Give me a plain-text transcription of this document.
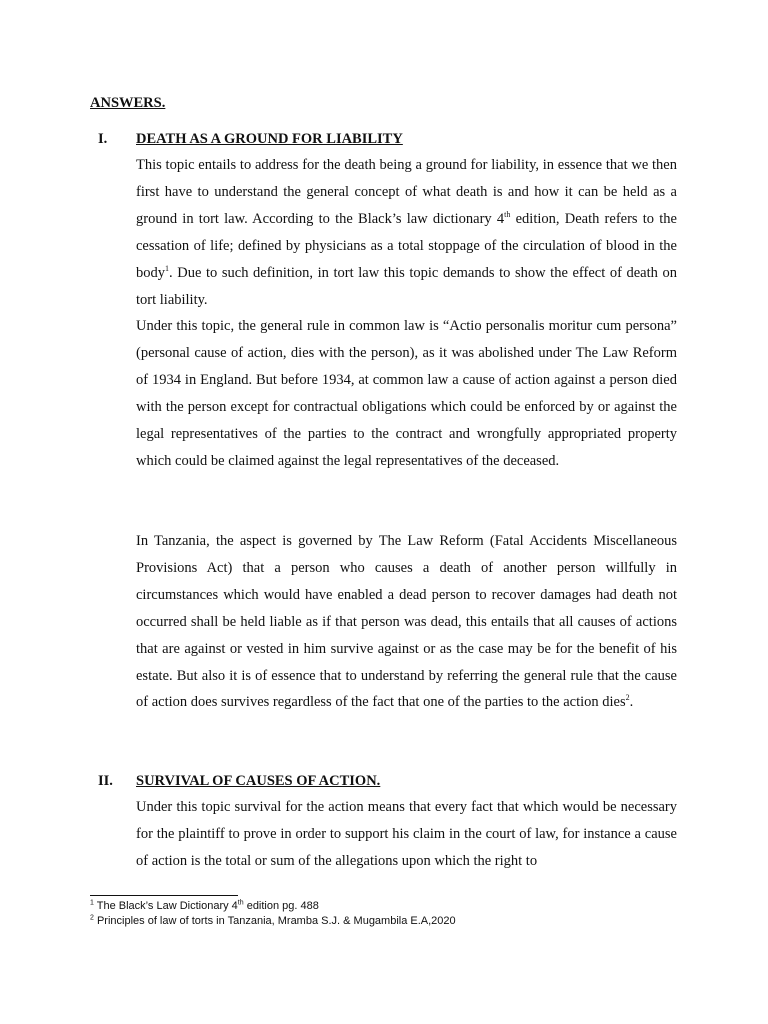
ANSWERS.
I. DEATH AS A GROUND FOR LIABILITY

This topic entails to address for the death being a ground for liability, in essence that we then first have to understand the general concept of what death is and how it can be held as a ground in tort law. According to the Black’s law dictionary 4th edition, Death refers to the cessation of life; defined by physicians as a total stoppage of the circulation of blood in the body$^1$. Due to such definition, in tort law this topic demands to show the effect of death on tort liability.

Under this topic, the general rule in common law is “Actio personalis moritur cum persona” (personal cause of action, dies with the person), as it was abolished under The Law Reform of 1934 in England. But before 1934, at common law a cause of action against a person died with the person except for contractual obligations which could be enforced by or against the legal representatives of the parties to the contract and wrongfully appropriated property which could be claimed against the legal representatives of the deceased.

In Tanzania, the aspect is governed by The Law Reform (Fatal Accidents Miscellaneous Provisions Act) that a person who causes a death of another person willfully in circumstances which would have enabled a dead person to recover damages had death not occurred shall be held liable as if that person was dead, this entails that all causes of actions that are against or vested in him survive against or as the case may be for the benefit of his estate. But also it is of essence that to understand by referring the general rule that the cause of action does survives regardless of the fact that one of the parties to the action dies$^2$.

II. SURVIVAL OF CAUSES OF ACTION.

Under this topic survival for the action means that every fact that which would be necessary for the plaintiff to prove in order to support his claim in the court of law, for instance a cause of action is the total or sum of the allegations upon which the right to

$^1$ The Black’s Law Dictionary 4th edition pg. 488
$^2$ Principles of law of torts in Tanzania, Mramba S.J. & Mugambila E.A,2020
